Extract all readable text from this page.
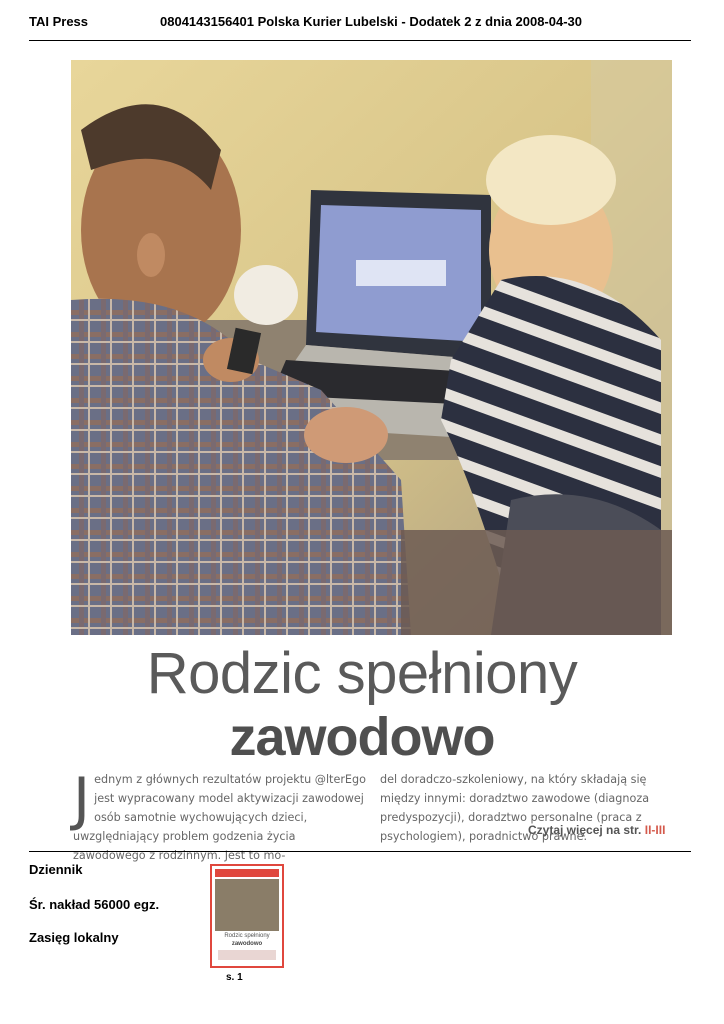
TAI Press	0804143156401 Polska Kurier Lubelski - Dodatek 2 z dnia 2008-04-30
Rodzic spełniony
zawodowo
J ednym z głównych rezultatów projektu @lterEgo jest wypracowany model aktywizacji zawodowej osób samotnie wychowujących dzieci, uwzględniający problem godzenia życia zawodowego z rodzinnym. Jest to mo-
del doradczo-szkoleniowy, na który składają się między innymi: doradztwo zawodowe (diagnoza predyspozycji), doradztwo personalne (praca z psychologiem), poradnictwo prawne.
Czytaj więcej na str. II-III
Dziennik
Śr. nakład 56000 egz.
Zasięg lokalny	Rodzic spełniony
zawodowo
s. 1
